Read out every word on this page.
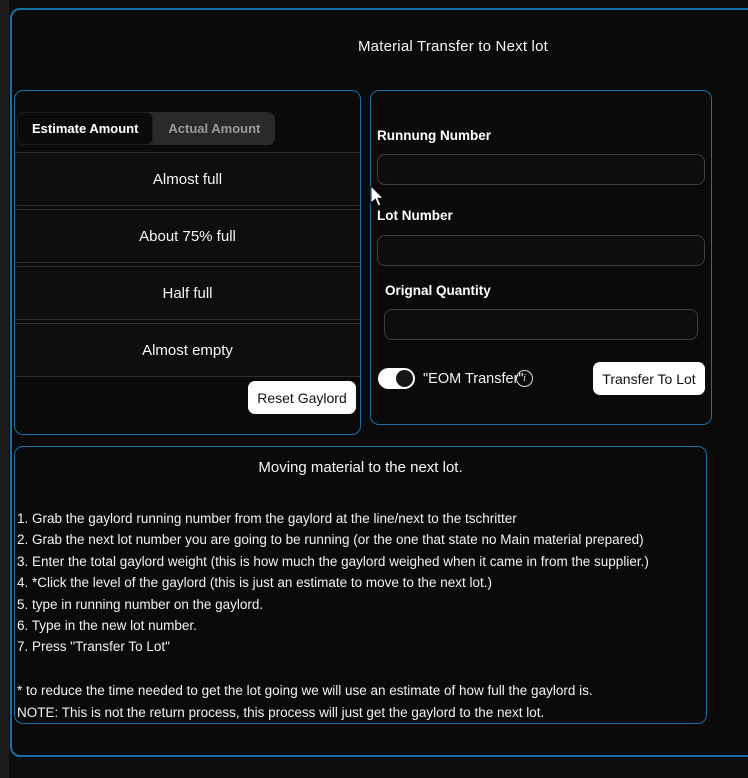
Material Transfer to Next lot
Estimate Amount	Actual Amount
Almost full
About 75% full
Half full
Almost empty
Reset Gaylord
Runnung Number
Lot Number
Orignal Quantity
"EOM Transfer" i	Transfer To Lot
Moving material to the next lot.
1. Grab the gaylord running number from the gaylord at the line/next to the tschritter
2. Grab the next lot number you are going to be running (or the one that state no Main material prepared)
3. Enter the total gaylord weight (this is how much the gaylord weighed when it came in from the supplier.)
4. *Click the level of the gaylord (this is just an estimate to move to the next lot.)
5. type in running number on the gaylord.
6. Type in the new lot number.
7. Press "Transfer To Lot"
* to reduce the time needed to get the lot going we will use an estimate of how full the gaylord is.
NOTE: This is not the return process, this process will just get the gaylord to the next lot.
